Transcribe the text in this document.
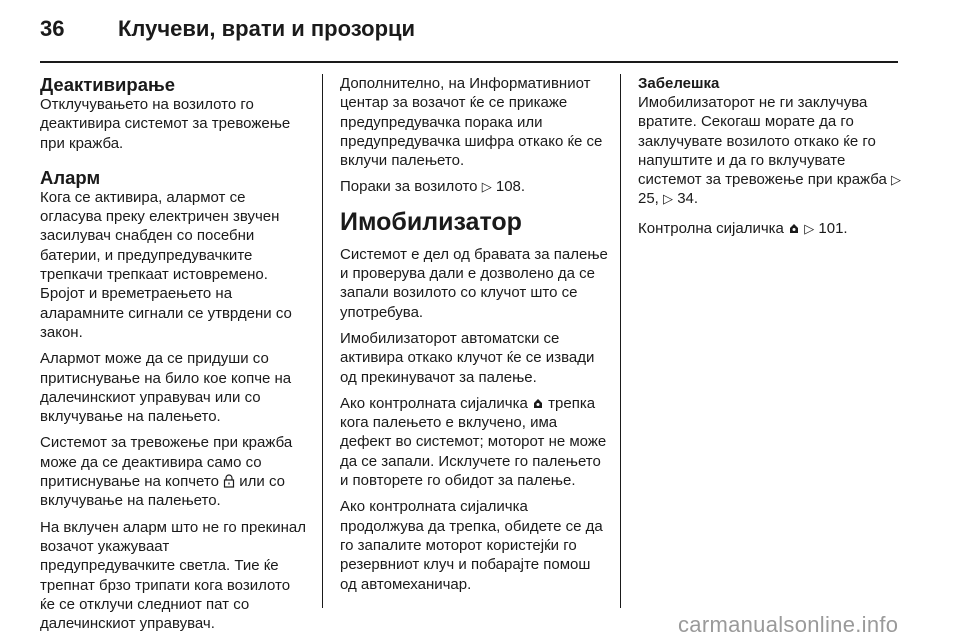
36	Клучеви, врати и прозорци
Деактивирање

Отклучувањето на возилото го деактивира системот за тревожење при кражба.

Аларм

Кога се активира, алармот се огласува преку електричен звучен засилувач снабден со посебни батерии, и предупредувачките трепкачи трепкаат истовремено. Бројот и времетраењето на аларамните сигнали се утврдени со закон.

Алармот може да се придуши со притиснување на било кое копче на далечинскиот управувач или со вклучување на палењето.

Системот за тревожење при кражба може да се деактивира само со притиснување на копчето или со вклучување на палењето.

На вклучен аларм што не го прекинал возачот укажуваат предупредувачките светла. Тие ќе трепнат брзо трипати кога возилото ќе се отклучи следниот пат со далечинскиот управувач.

Дополнително, на Информативниот центар за возачот ќе се прикаже предупредувачка порака или предупредувачка шифра откако ќе се вклучи палењето.

Пораки за возилото ▷ 108.

Имобилизатор

Системот е дел од бравата за палење и проверува дали е дозволено да се запали возилото со клучот што се употребува.

Имобилизаторот автоматски се активира откако клучот ќе се извади од прекинувачот за палење.

Ако контролната сијаличка трепка кога палењето е вклучено, има дефект во системот; моторот не може да се запали. Исклучете го палењето и повторете го обидот за палење.

Ако контролната сијаличка продолжува да трепка, обидете се да го запалите моторот користејќи го резервниот клуч и побарајте помош од автомеханичар.

Забелешка

Имобилизаторот не ги заклучува вратите. Секогаш морате да го заклучувате возилото откако ќе го напуштите и да го вклучувате системот за тревожење при кражба ▷ 25, ▷ 34.

Контролна сијаличка ▷ 101.

carmanualsonline.info
